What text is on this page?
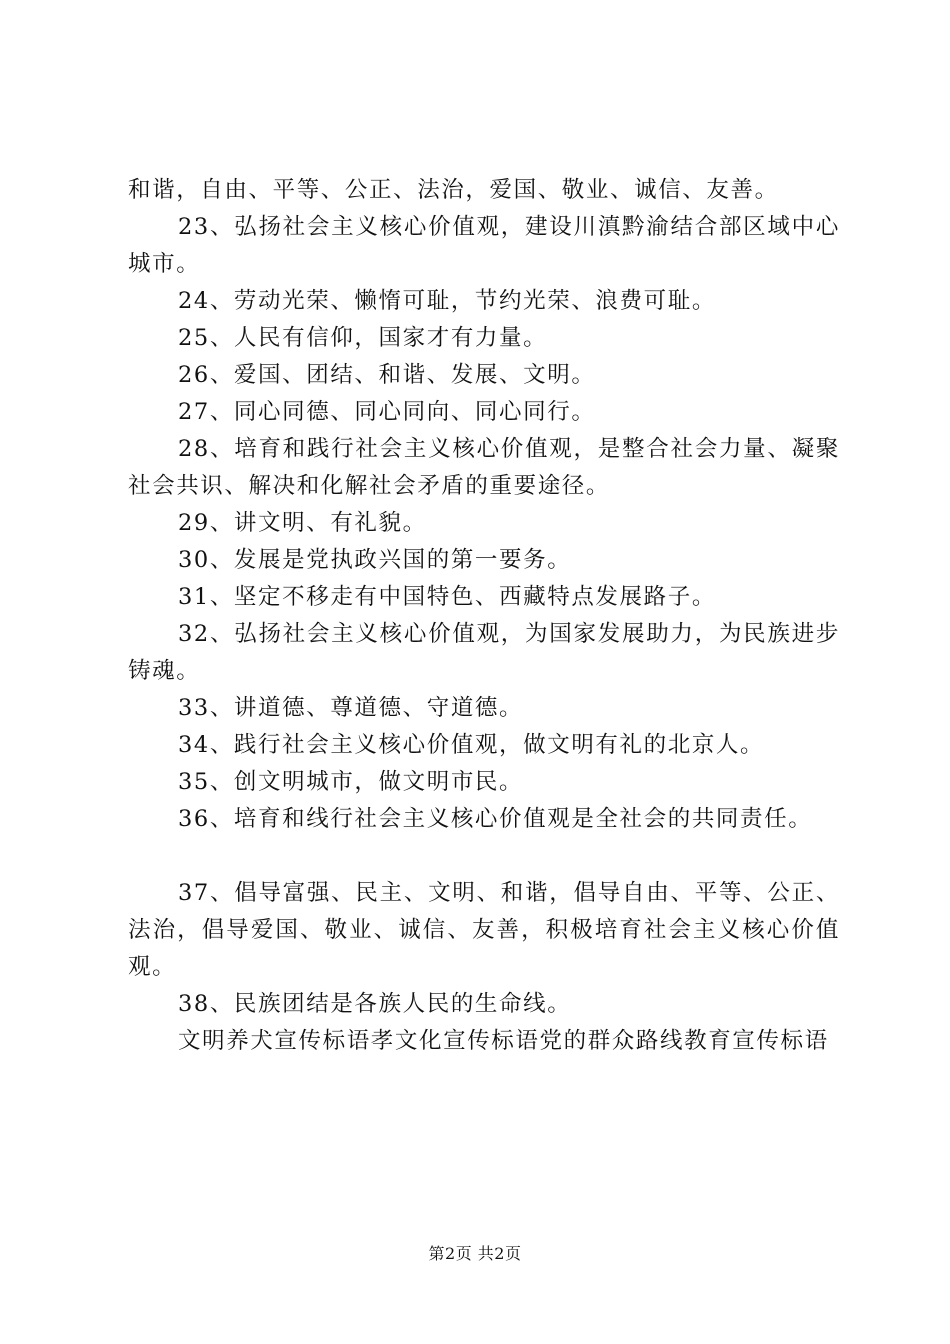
和谐，自由、平等、公正、法治，爱国、敬业、诚信、友善。

23、弘扬社会主义核心价值观，建设川滇黔渝结合部区域中心城市。

24、劳动光荣、懒惰可耻，节约光荣、浪费可耻。

25、人民有信仰，国家才有力量。

26、爱国、团结、和谐、发展、文明。

27、同心同德、同心同向、同心同行。

28、培育和践行社会主义核心价值观，是整合社会力量、凝聚社会共识、解决和化解社会矛盾的重要途径。

29、讲文明、有礼貌。

30、发展是党执政兴国的第一要务。

31、坚定不移走有中国特色、西藏特点发展路子。

32、弘扬社会主义核心价值观，为国家发展助力，为民族进步铸魂。

33、讲道德、尊道德、守道德。

34、践行社会主义核心价值观，做文明有礼的北京人。

35、创文明城市，做文明市民。

36、培育和线行社会主义核心价值观是全社会的共同责任。

37、倡导富强、民主、文明、和谐，倡导自由、平等、公正、法治，倡导爱国、敬业、诚信、友善，积极培育社会主义核心价值观。

38、民族团结是各族人民的生命线。

文明养犬宣传标语孝文化宣传标语党的群众路线教育宣传标语

第2页 共2页
